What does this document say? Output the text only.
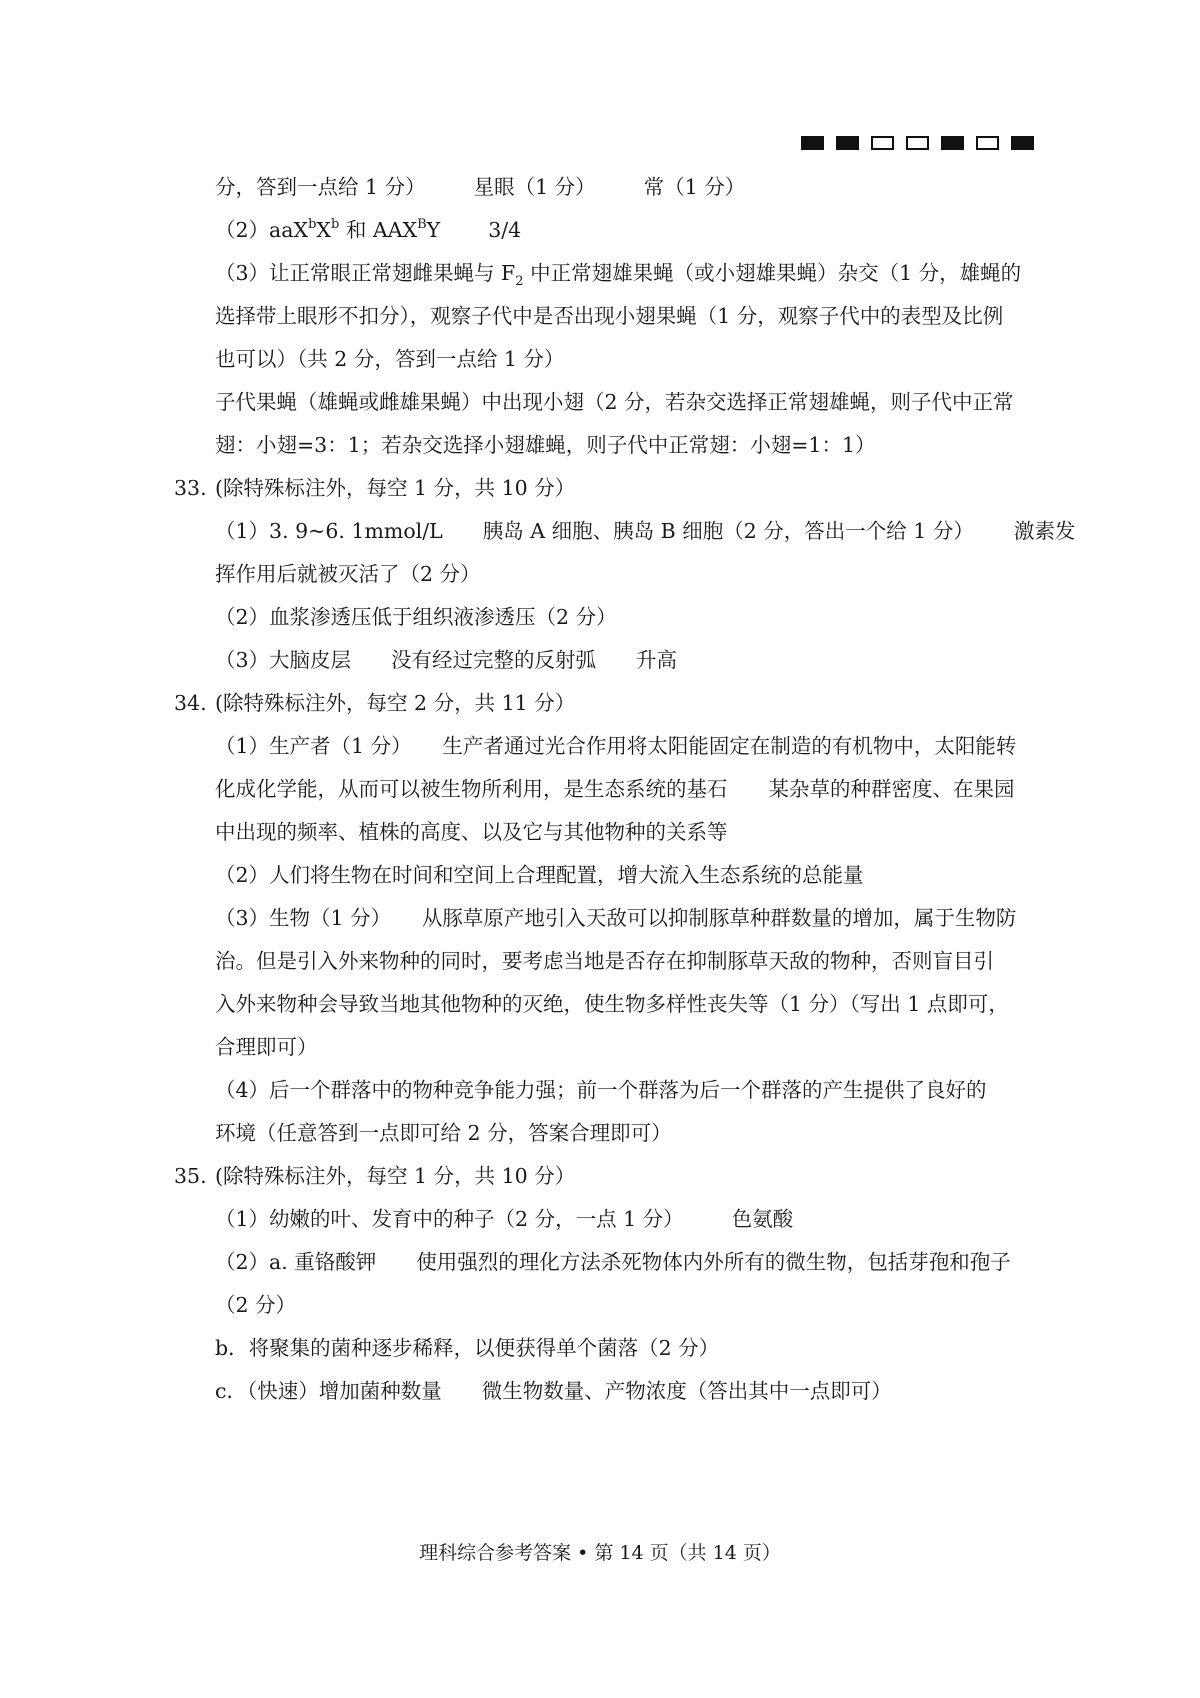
分，答到一点给 1 分） 星眼（1 分） 常（1 分）
$(2)aaX^bX^b$ 和 $AAX^BY$ 3/4
（3）让正常眼正常翅雌果蝇与 $F_2$ 中正常翅雄果蝇（或小翅雄果蝇）杂交（1 分，雄蝇的
选择带上眼形不扣分），观察子代中是否出现小翅果蝇（1 分，观察子代中的表型及比例
也可以）（共 2 分，答到一点给 1 分）
子代果蝇（雄蝇或雌雄果蝇）中出现小翅（2 分，若杂交选择正常翅雄蝇，则子代中正常
翅：小翅=3：1；若杂交选择小翅雄蝇，则子代中正常翅：小翅=1：1）
33. (除特殊标注外，每空 1 分，共 10 分）
（1）3. 9~6. 1mmol/L 胰岛 A 细胞、胰岛 B 细胞（2 分，答出一个给 1 分） 激素发
挥作用后就被灭活了（2 分）
（2）血浆渗透压低于组织液渗透压（2 分）
（3）大脑皮层 没有经过完整的反射弧 升高
34. (除特殊标注外，每空 2 分，共 11 分）
（1）生产者（1 分）　　生产者通过光合作用将太阳能固定在制造的有机物中，太阳能转
化成化学能，从而可以被生物所利用，是生态系统的基石　　某杂草的种群密度、在果园
中出现的频率、植株的高度、以及它与其他物种的关系等
（2）人们将生物在时间和空间上合理配置，增大流入生态系统的总能量
（3）生物（1 分）　　从豚草原产地引入天敌可以抑制豚草种群数量的增加，属于生物防
治。但是引入外来物种的同时，要考虑当地是否存在抑制豚草天敌的物种，否则盲目引
入外来物种会导致当地其他物种的灭绝，使生物多样性丧失等（1 分）（写出 1 点即可，
合理即可）
（4）后一个群落中的物种竞争能力强；前一个群落为后一个群落的产生提供了良好的
环境（任意答到一点即可给 2 分，答案合理即可）
35. (除特殊标注外，每空 1 分，共 10 分）
（1）幼嫩的叶、发育中的种子（2 分，一点 1 分） 色氨酸
（2）a. 重铬酸钾 使用强烈的理化方法杀死物体内外所有的微生物，包括芽孢和孢子
（2 分）
b．将聚集的菌种逐步稀释，以便获得单个菌落（2 分）
c．（快速）增加菌种数量 微生物数量、产物浓度（答出其中一点即可）
理科综合参考答案 • 第 14 页（共 14 页）
